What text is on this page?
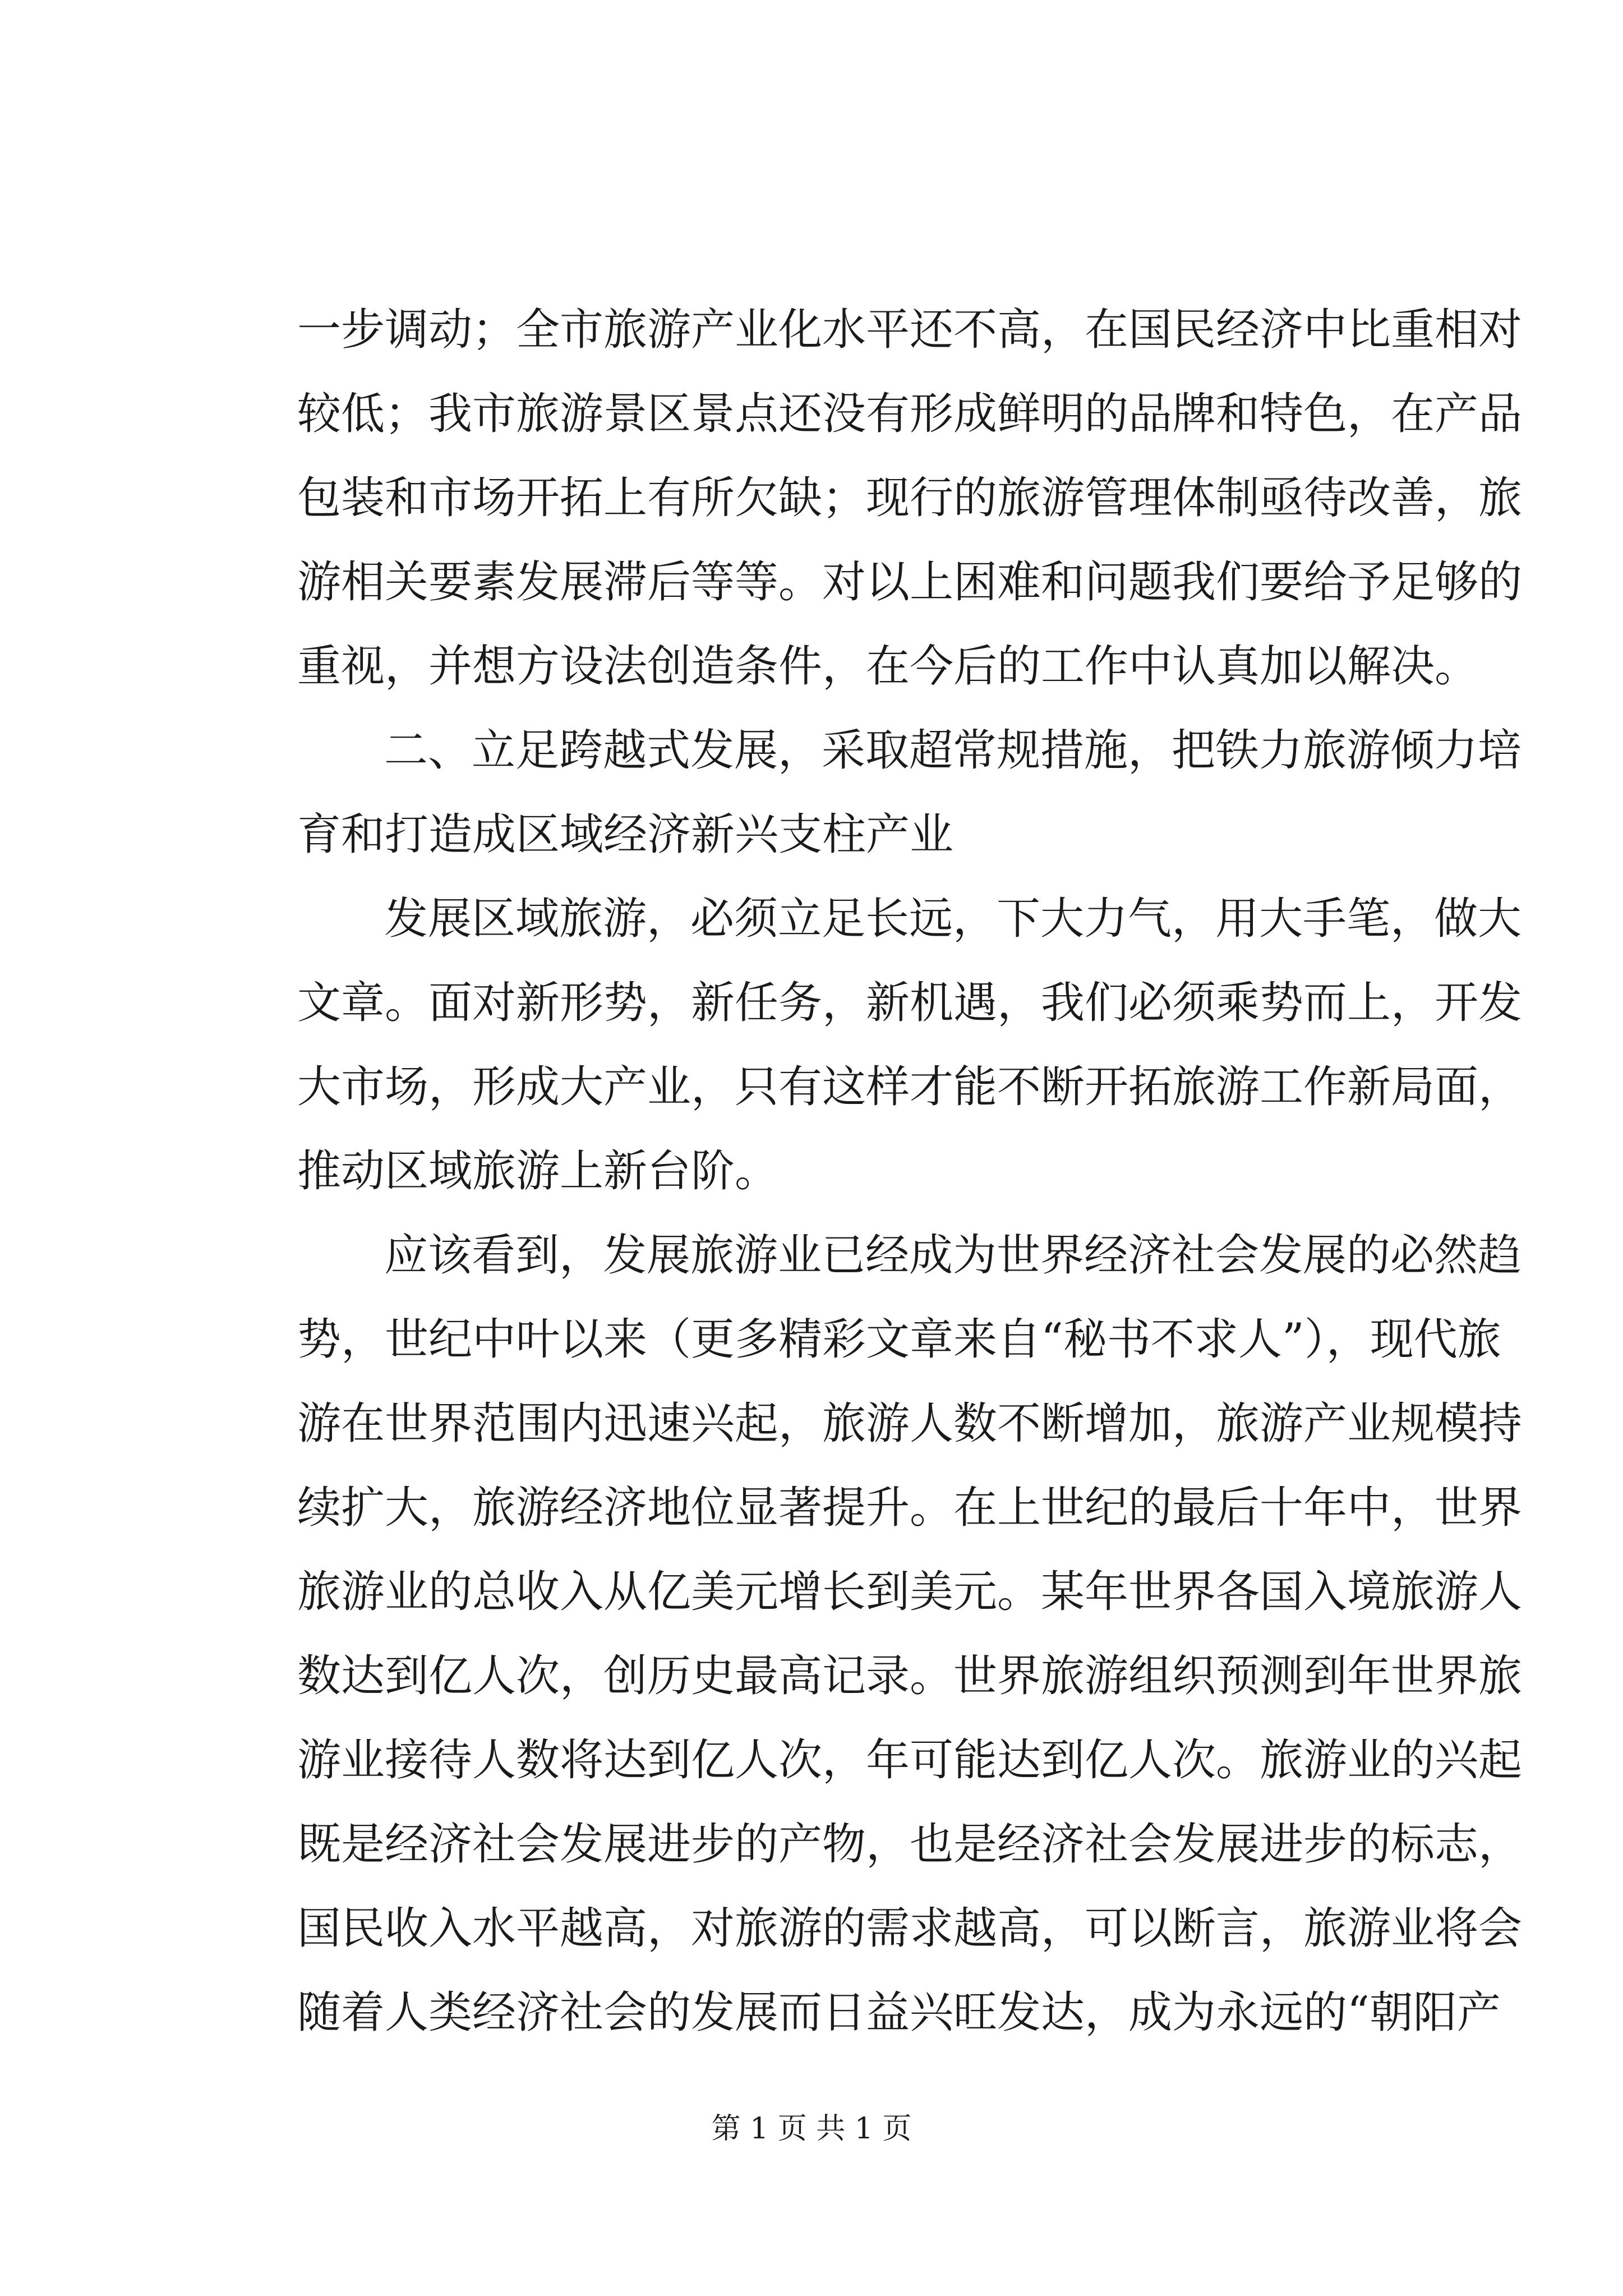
一步调动；全市旅游产业化水平还不高，在国民经济中比重相对
较低；我市旅游景区景点还没有形成鲜明的品牌和特色，在产品
包装和市场开拓上有所欠缺；现行的旅游管理体制亟待改善，旅
游相关要素发展滞后等等。对以上困难和问题我们要给予足够的
重视，并想方设法创造条件，在今后的工作中认真加以解决。
二、立足跨越式发展，采取超常规措施，把铁力旅游倾力培
育和打造成区域经济新兴支柱产业
发展区域旅游，必须立足长远，下大力气，用大手笔，做大
文章。面对新形势，新任务，新机遇，我们必须乘势而上，开发
大市场，形成大产业，只有这样才能不断开拓旅游工作新局面，
推动区域旅游上新台阶。
应该看到，发展旅游业已经成为世界经济社会发展的必然趋
势，世纪中叶以来（更多精彩文章来自“秘书不求人”），现代旅
游在世界范围内迅速兴起，旅游人数不断增加，旅游产业规模持
续扩大，旅游经济地位显著提升。在上世纪的最后十年中，世界
旅游业的总收入从亿美元增长到美元。某年世界各国入境旅游人
数达到亿人次，创历史最高记录。世界旅游组织预测到年世界旅
游业接待人数将达到亿人次，年可能达到亿人次。旅游业的兴起
既是经济社会发展进步的产物，也是经济社会发展进步的标志，
国民收入水平越高，对旅游的需求越高，可以断言，旅游业将会
随着人类经济社会的发展而日益兴旺发达，成为永远的“朝阳产
第 1 页 共 1 页
